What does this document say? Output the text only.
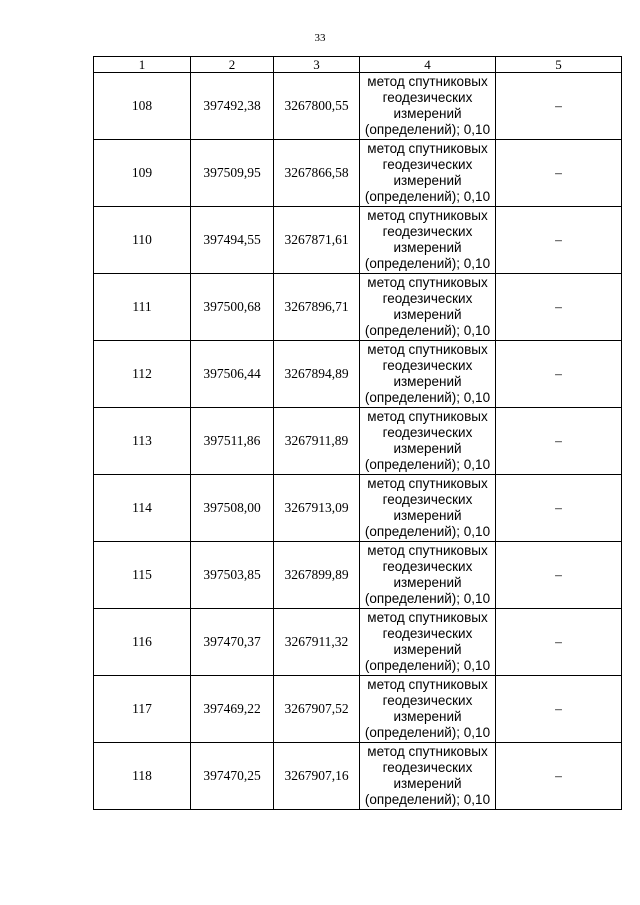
33
1	2	3	4	5
108	397492,38	3267800,55	метод спутниковых
геодезических
измерений
(определений); 0,10	–
109	397509,95	3267866,58	метод спутниковых
геодезических
измерений
(определений); 0,10	–
110	397494,55	3267871,61	метод спутниковых
геодезических
измерений
(определений); 0,10	–
111	397500,68	3267896,71	метод спутниковых
геодезических
измерений
(определений); 0,10	–
112	397506,44	3267894,89	метод спутниковых
геодезических
измерений
(определений); 0,10	–
113	397511,86	3267911,89	метод спутниковых
геодезических
измерений
(определений); 0,10	–
114	397508,00	3267913,09	метод спутниковых
геодезических
измерений
(определений); 0,10	–
115	397503,85	3267899,89	метод спутниковых
геодезических
измерений
(определений); 0,10	–
116	397470,37	3267911,32	метод спутниковых
геодезических
измерений
(определений); 0,10	–
117	397469,22	3267907,52	метод спутниковых
геодезических
измерений
(определений); 0,10	–
118	397470,25	3267907,16	метод спутниковых
геодезических
измерений
(определений); 0,10	–
